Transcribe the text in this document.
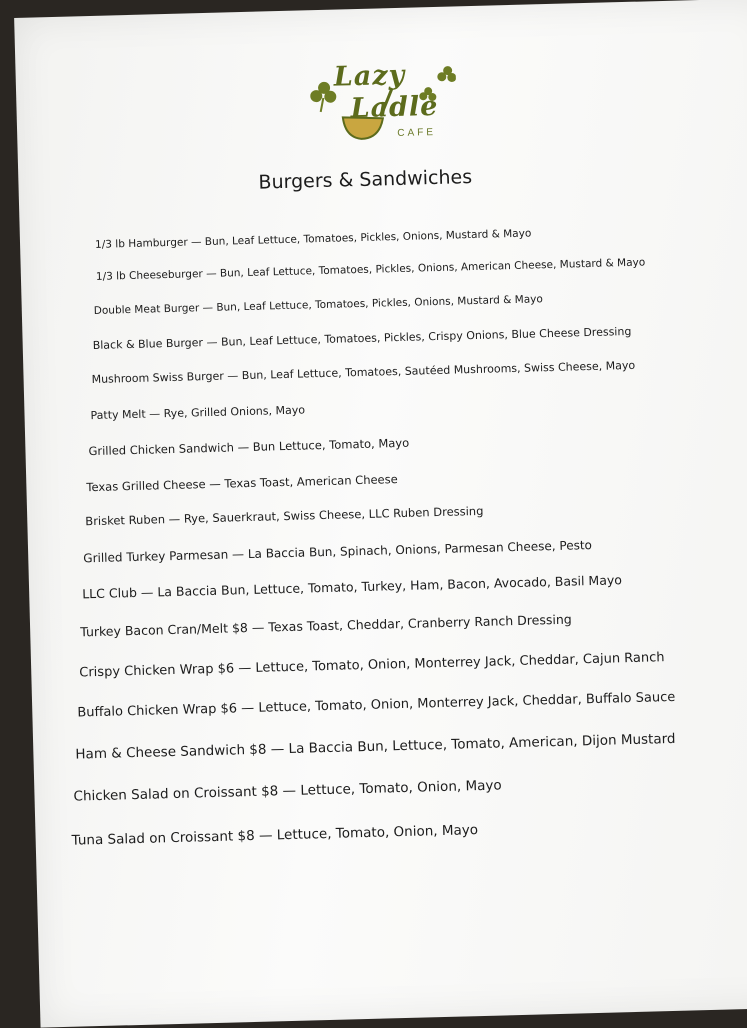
Lazy
Ladle
CAFE
Burgers & Sandwiches
1/3 lb Hamburger — Bun, Leaf Lettuce, Tomatoes, Pickles, Onions, Mustard & Mayo
1/3 lb Cheeseburger — Bun, Leaf Lettuce, Tomatoes, Pickles, Onions, American Cheese, Mustard & Mayo
Double Meat Burger — Bun, Leaf Lettuce, Tomatoes, Pickles, Onions, Mustard & Mayo
Black & Blue Burger — Bun, Leaf Lettuce, Tomatoes, Pickles, Crispy Onions, Blue Cheese Dressing
Mushroom Swiss Burger — Bun, Leaf Lettuce, Tomatoes, Sautéed Mushrooms, Swiss Cheese, Mayo
Patty Melt — Rye, Grilled Onions, Mayo
Grilled Chicken Sandwich — Bun Lettuce, Tomato, Mayo
Texas Grilled Cheese — Texas Toast, American Cheese
Brisket Ruben — Rye, Sauerkraut, Swiss Cheese, LLC Ruben Dressing
Grilled Turkey Parmesan — La Baccia Bun, Spinach, Onions, Parmesan Cheese, Pesto
LLC Club — La Baccia Bun, Lettuce, Tomato, Turkey, Ham, Bacon, Avocado, Basil Mayo
Turkey Bacon Cran/Melt $8 — Texas Toast, Cheddar, Cranberry Ranch Dressing
Crispy Chicken Wrap $6 — Lettuce, Tomato, Onion, Monterrey Jack, Cheddar, Cajun Ranch
Buffalo Chicken Wrap $6 — Lettuce, Tomato, Onion, Monterrey Jack, Cheddar, Buffalo Sauce
Ham & Cheese Sandwich $8 — La Baccia Bun, Lettuce, Tomato, American, Dijon Mustard
Chicken Salad on Croissant $8 — Lettuce, Tomato, Onion, Mayo
Tuna Salad on Croissant $8 — Lettuce, Tomato, Onion, Mayo
